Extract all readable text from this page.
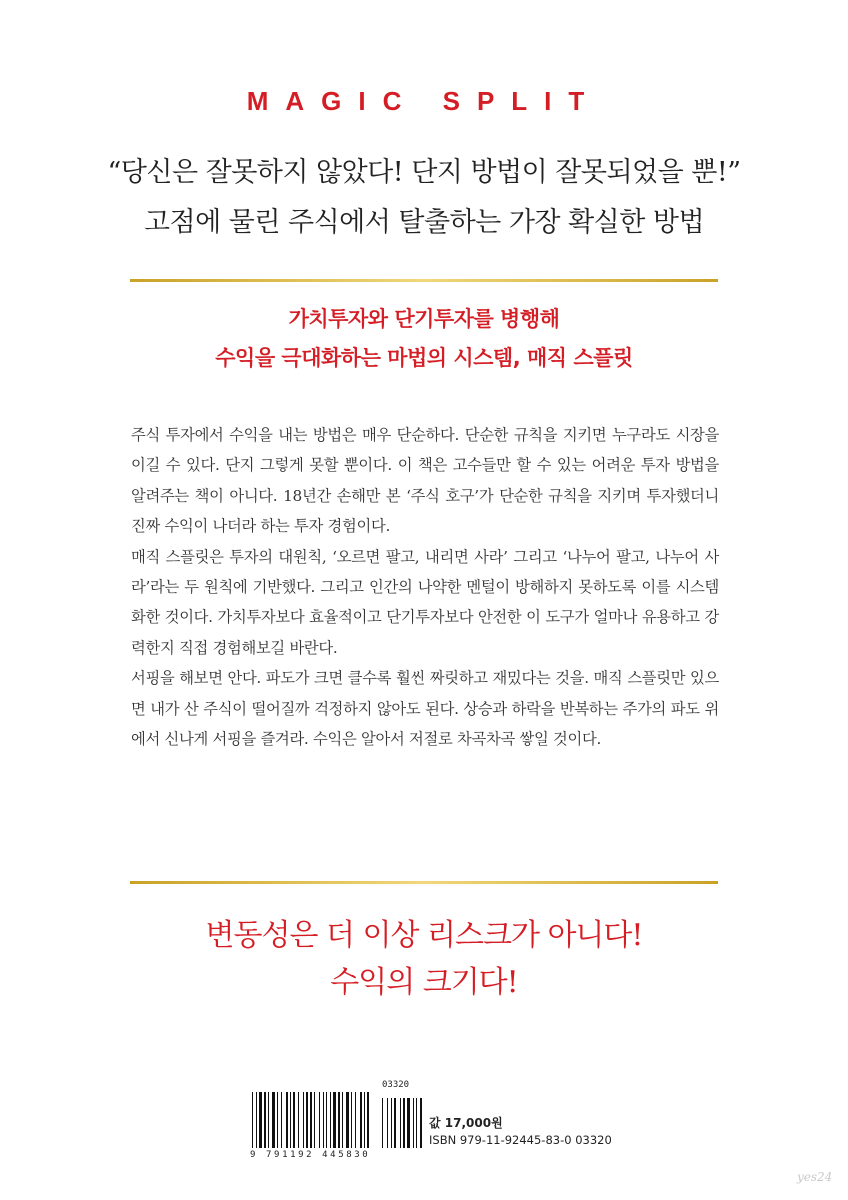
MAGIC SPLIT
“당신은 잘못하지 않았다! 단지 방법이 잘못되었을 뿐!”
고점에 물린 주식에서 탈출하는 가장 확실한 방법
가치투자와 단기투자를 병행해
수익을 극대화하는 마법의 시스템, 매직 스플릿

주식 투자에서 수익을 내는 방법은 매우 단순하다. 단순한 규칙을 지키면 누구라도 시장을 이길 수 있다. 단지 그렇게 못할 뿐이다. 이 책은 고수들만 할 수 있는 어려운 투자 방법을 알려주는 책이 아니다. 18년간 손해만 본 ‘주식 호구’가 단순한 규칙을 지키며 투자했더니 진짜 수익이 나더라 하는 투자 경험이다.

매직 스플릿은 투자의 대원칙, ‘오르면 팔고, 내리면 사라’ 그리고 ‘나누어 팔고, 나누어 사라’라는 두 원칙에 기반했다. 그리고 인간의 나약한 멘털이 방해하지 못하도록 이를 시스템화한 것이다. 가치투자보다 효율적이고 단기투자보다 안전한 이 도구가 얼마나 유용하고 강력한지 직접 경험해보길 바란다.

서핑을 해보면 안다. 파도가 크면 클수록 훨씬 짜릿하고 재밌다는 것을. 매직 스플릿만 있으면 내가 산 주식이 떨어질까 걱정하지 않아도 된다. 상승과 하락을 반복하는 주가의 파도 위에서 신나게 서핑을 즐겨라. 수익은 알아서 저절로 차곡차곡 쌓일 것이다.

변동성은 더 이상 리스크가 아니다!
수익의 크기다!
03320
9 791192 445830
값 17,000원
ISBN 979-11-92445-83-0 03320
yes24
